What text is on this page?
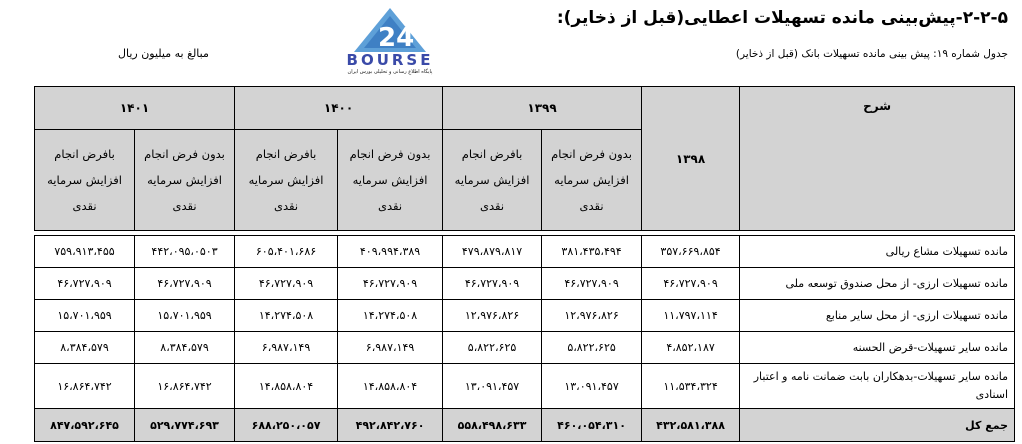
۲-۲-۵-پیش‌بینی مانده تسهیلات اعطایی(قبل از ذخایر):
جدول شماره ۱۹: پیش بینی مانده تسهیلات بانک (قبل از ذخایر)
مبالغ به میلیون ریال
24
BOURSE
پایگاه اطلاع رسانی و تحلیلی بورس ایران
شرح	۱۳۹۸	۱۳۹۹		۱۴۰۰		۱۴۰۱	
		بدون فرض انجام افزایش سرمایه نقدی	بافرض انجام افزایش سرمایه نقدی	بدون فرض انجام افزایش سرمایه نقدی	بافرض انجام افزایش سرمایه نقدی	بدون فرض انجام افزایش سرمایه نقدی	بافرض انجام افزایش سرمایه نقدی

مانده تسهیلات مشاع ریالی	۳۵۷،۶۶۹،۸۵۴	۳۸۱،۴۳۵،۴۹۴	۴۷۹،۸۷۹،۸۱۷	۴۰۹،۹۹۴،۳۸۹	۶۰۵،۴۰۱،۶۸۶	۴۴۲،۰۹۵،۰۵۰۳	۷۵۹،۹۱۳،۴۵۵
مانده تسهیلات ارزی- از محل صندوق توسعه ملی	۴۶،۷۲۷،۹۰۹	۴۶،۷۲۷،۹۰۹	۴۶،۷۲۷،۹۰۹	۴۶،۷۲۷،۹۰۹	۴۶،۷۲۷،۹۰۹	۴۶،۷۲۷،۹۰۹	۴۶،۷۲۷،۹۰۹
مانده تسهیلات ارزی- از محل سایر منابع	۱۱،۷۹۷،۱۱۴	۱۲،۹۷۶،۸۲۶	۱۲،۹۷۶،۸۲۶	۱۴،۲۷۴،۵۰۸	۱۴،۲۷۴،۵۰۸	۱۵،۷۰۱،۹۵۹	۱۵،۷۰۱،۹۵۹
مانده سایر تسهیلات-قرض الحسنه	۴،۸۵۲،۱۸۷	۵،۸۲۲،۶۲۵	۵،۸۲۲،۶۲۵	۶،۹۸۷،۱۴۹	۶،۹۸۷،۱۴۹	۸،۳۸۴،۵۷۹	۸،۳۸۴،۵۷۹
مانده سایر تسهیلات-بدهکاران بابت ضمانت نامه و اعتبار اسنادی	۱۱،۵۳۴،۳۲۴	۱۳،۰۹۱،۴۵۷	۱۳،۰۹۱،۴۵۷	۱۴،۸۵۸،۸۰۴	۱۴،۸۵۸،۸۰۴	۱۶،۸۶۴،۷۴۲	۱۶،۸۶۴،۷۴۲
جمع کل	۴۳۲،۵۸۱،۳۸۸	۴۶۰،۰۵۴،۳۱۰	۵۵۸،۴۹۸،۶۳۳	۴۹۲،۸۴۲،۷۶۰	۶۸۸،۲۵۰،۰۵۷	۵۲۹،۷۷۴،۶۹۳	۸۴۷،۵۹۲،۶۴۵
